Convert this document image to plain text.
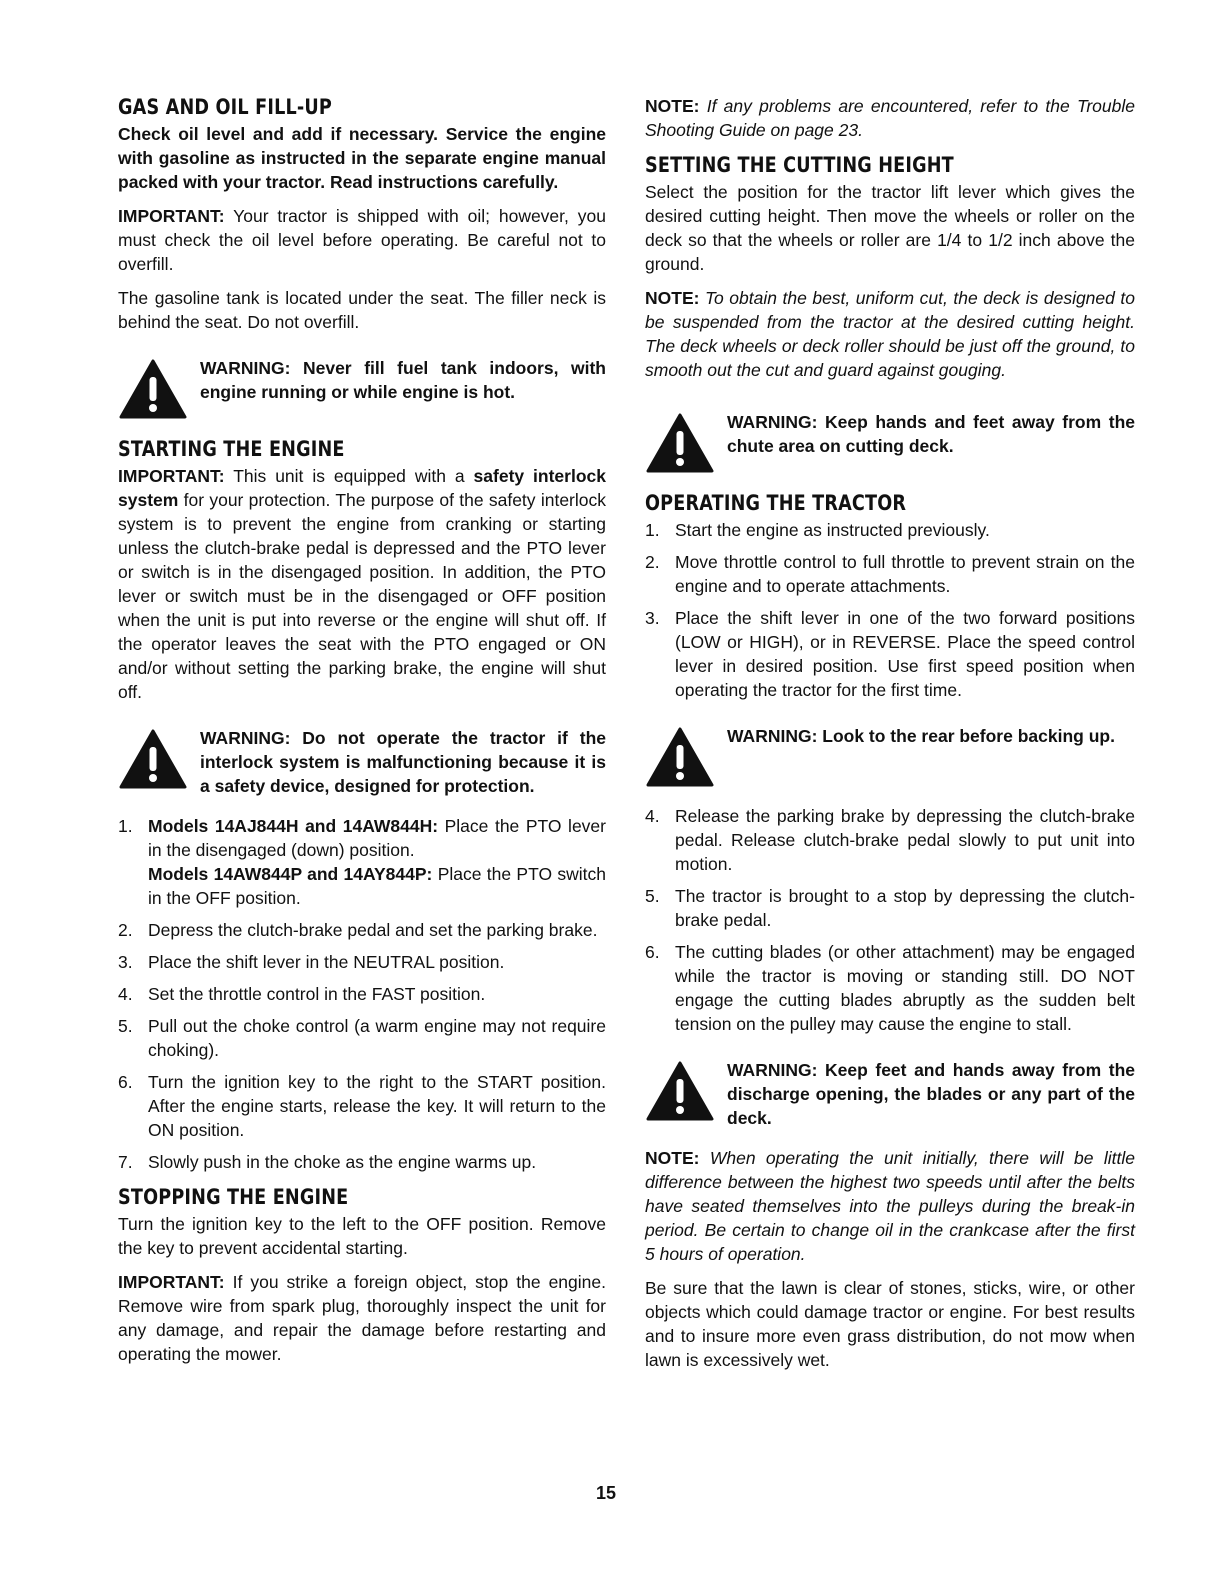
GAS AND OIL FILL-UP

Check oil level and add if necessary. Service the engine with gasoline as instructed in the separate engine manual packed with your tractor. Read instructions carefully.

IMPORTANT: Your tractor is shipped with oil; however, you must check the oil level before operating. Be careful not to overfill.

The gasoline tank is located under the seat. The filler neck is behind the seat. Do not overfill.

WARNING: Never fill fuel tank indoors, with engine running or while engine is hot.
STARTING THE ENGINE

IMPORTANT: This unit is equipped with a safety interlock system for your protection. The purpose of the safety interlock system is to prevent the engine from cranking or starting unless the clutch-brake pedal is depressed and the PTO lever or switch is in the disengaged position. In addition, the PTO lever or switch must be in the disengaged or OFF position when the unit is put into reverse or the engine will shut off. If the operator leaves the seat with the PTO engaged or ON and/or without setting the parking brake, the engine will shut off.

WARNING: Do not operate the tractor if the interlock system is malfunctioning because it is a safety device, designed for protection.
1. Models 14AJ844H and 14AW844H: Place the PTO lever in the disengaged (down) position.
Models 14AW844P and 14AY844P: Place the PTO switch in the OFF position.
2. Depress the clutch-brake pedal and set the parking brake.
3. Place the shift lever in the NEUTRAL position.
4. Set the throttle control in the FAST position.
5. Pull out the choke control (a warm engine may not require choking).
6. Turn the ignition key to the right to the START position. After the engine starts, release the key. It will return to the ON position.
7. Slowly push in the choke as the engine warms up.
STOPPING THE ENGINE

Turn the ignition key to the left to the OFF position. Remove the key to prevent accidental starting.

IMPORTANT: If you strike a foreign object, stop the engine. Remove wire from spark plug, thoroughly inspect the unit for any damage, and repair the damage before restarting and operating the mower.

NOTE: If any problems are encountered, refer to the Trouble Shooting Guide on page 23.

SETTING THE CUTTING HEIGHT

Select the position for the tractor lift lever which gives the desired cutting height. Then move the wheels or roller on the deck so that the wheels or roller are 1/4 to 1/2 inch above the ground.

NOTE: To obtain the best, uniform cut, the deck is designed to be suspended from the tractor at the desired cutting height. The deck wheels or deck roller should be just off the ground, to smooth out the cut and guard against gouging.

WARNING: Keep hands and feet away from the chute area on cutting deck.
OPERATING THE TRACTOR
1. Start the engine as instructed previously.
2. Move throttle control to full throttle to prevent strain on the engine and to operate attachments.
3. Place the shift lever in one of the two forward positions (LOW or HIGH), or in REVERSE. Place the speed control lever in desired position. Use first speed position when operating the tractor for the first time.
WARNING: Look to the rear before backing up.
4. Release the parking brake by depressing the clutch-brake pedal. Release clutch-brake pedal slowly to put unit into motion.
5. The tractor is brought to a stop by depressing the clutch-brake pedal.
6. The cutting blades (or other attachment) may be engaged while the tractor is moving or standing still. DO NOT engage the cutting blades abruptly as the sudden belt tension on the pulley may cause the engine to stall.
WARNING: Keep feet and hands away from the discharge opening, the blades or any part of the deck.

NOTE: When operating the unit initially, there will be little difference between the highest two speeds until after the belts have seated themselves into the pulleys during the break-in period. Be certain to change oil in the crankcase after the first 5 hours of operation.

Be sure that the lawn is clear of stones, sticks, wire, or other objects which could damage tractor or engine. For best results and to insure more even grass distribution, do not mow when lawn is excessively wet.

15
